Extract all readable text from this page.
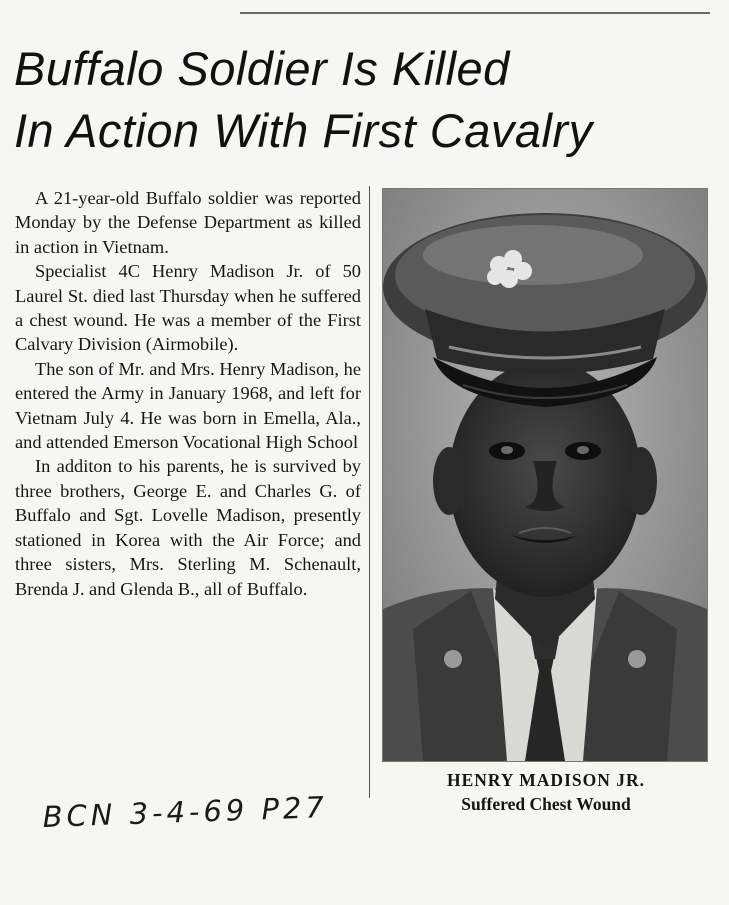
Buffalo Soldier Is Killed
In Action With First Cavalry

A 21-year-old Buffalo soldier was reported Monday by the Defense Department as killed in action in Vietnam.

Specialist 4C Henry Madison Jr. of 50 Laurel St. died last Thursday when he suffered a chest wound. He was a member of the First Calvary Division (Airmobile).

The son of Mr. and Mrs. Henry Madison, he entered the Army in January 1968, and left for Vietnam July 4. He was born in Emella, Ala., and attended Emerson Vocational High School

In additon to his parents, he is survived by three brothers, George E. and Charles G. of Buffalo and Sgt. Lovelle Madison, presently stationed in Korea with the Air Force; and three sisters, Mrs. Sterling M. Schenault, Brenda J. and Glenda B., all of Buffalo.

HENRY MADISON JR.
Suffered Chest Wound
BCN 3-4-69 P27
